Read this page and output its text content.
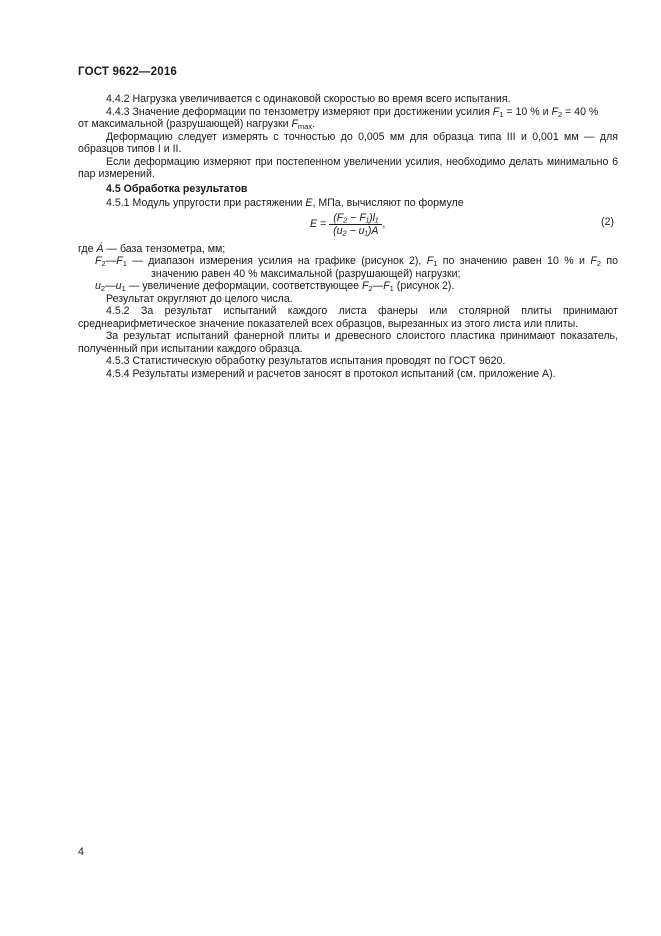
ГОСТ 9622—2016

4.4.2 Нагрузка увеличивается с одинаковой скоростью во время всего испытания.

4.4.3 Значение деформации по тензометру измеряют при достижении усилия $F_1 = 10$ % и $F_2 = 40$ %
от максимальной (разрушающей) нагрузки $F_{max}$.

Деформацию следует измерять с точностью до 0,005 мм для образца типа III и 0,001 мм — для образцов типов I и II.

Если деформацию измеряют при постепенном увеличении усилия, необходимо делать минимально 6 пар измерений.

4.5 Обработка результатов

4.5.1 Модуль упругости при растяжении E, МПа, вычисляют по формуле

$E = \frac{\text{(F₂ − F₁)l₁}}{\text{(u₂ − u₁)A}}$ ,	(2)

где Á — база тензометра, мм;

$F_2—F_1$ — диапазон измерения усилия на графике (рисунок 2), $F_1$ по значению равен 10 % и $F_2$ по значению равен 40 % максимальной (разрушающей) нагрузки;

$u_2—u_1$ — увеличение деформации, соответствующее $F_2—F_1$ (рисунок 2).

Результат округляют до целого числа.

4.5.2 За результат испытаний каждого листа фанеры или столярной плиты принимают среднеарифметическое значение показателей всех образцов, вырезанных из этого листа или плиты.

За результат испытаний фанерной плиты и древесного слоистого пластика принимают показатель, полученный при испытании каждого образца.

4.5.3 Статистическую обработку результатов испытания проводят по ГОСТ 9620.

4.5.4 Результаты измерений и расчетов заносят в протокол испытаний (см. приложение А).

4
